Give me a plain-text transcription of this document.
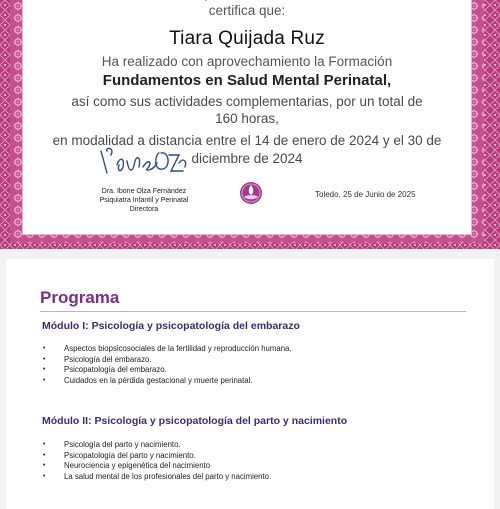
certifica que:
Tiara Quijada Ruz
Ha realizado con aprovechamiento la Formación
Fundamentos en Salud Mental Perinatal,
así como sus actividades complementarias, por un total de
160 horas,
en modalidad a distancia entre el 14 de enero de 2024 y el 30 de
diciembre de 2024
Dra. Ibone Olza Fernández
Psiquiatra Infantil y Perinatal
Directora
Toledo, 25 de Junio de 2025
Programa
Módulo I: Psicología y psicopatología del embarazo
• Aspectos biopsicosociales de la fertilidad y reproducción humana.
• Psicología del embarazo.
• Psicopatología del embarazo.
• Cuidados en la pérdida gestacional y muerte perinatal.
Módulo II: Psicología y psicopatología del parto y nacimiento
• Psicología del parto y nacimiento.
• Psicopatología del parto y nacimiento.
• Neurociencia y epigenética del nacimiento
• La salud mental de los profesionales del parto y nacimiento.
